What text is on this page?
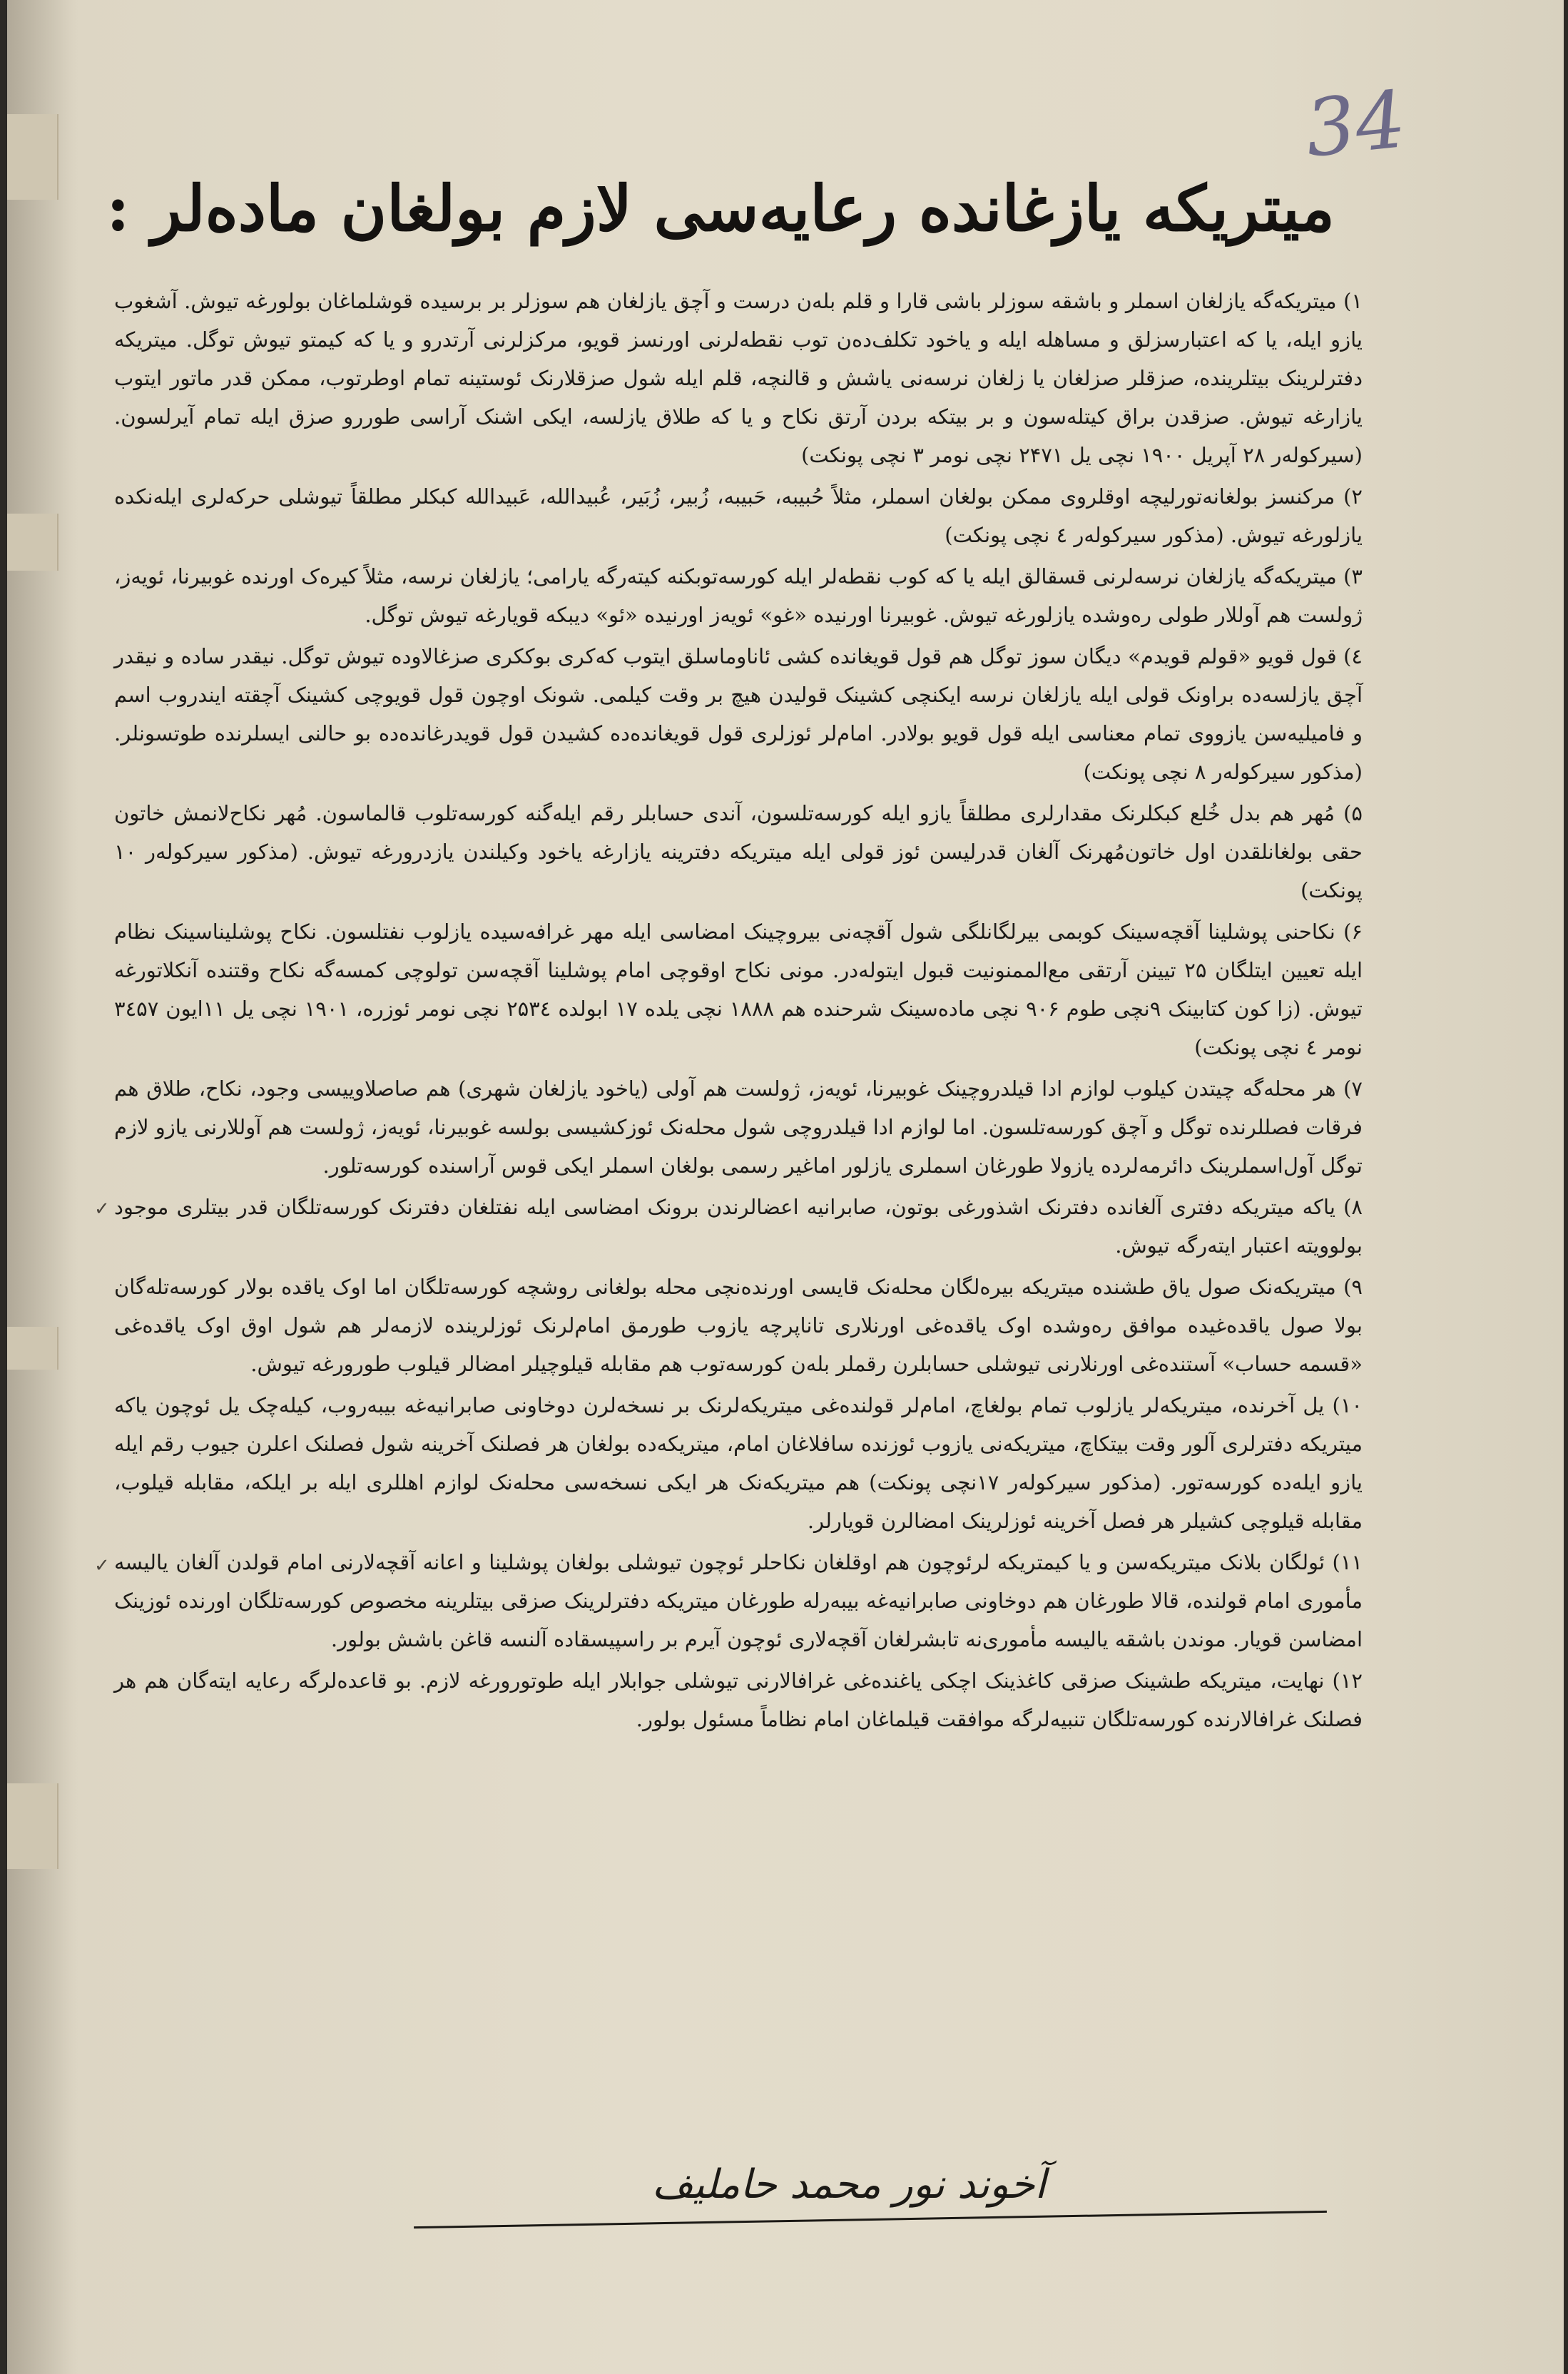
✓
✓
34
میتریکه یازغانده رعایه‌سی لازم بولغان ماده‌لر :

۱) میتریکه‌گه یازلغان اسملر و باشقه سوزلر باشی قارا و قلم بله‌ن درست و آچق یازلغان هم سوزلر بر برسیده قوشلماغان بولورغه تیوش. آشغوب یازو ایله، یا که اعتبارسزلق و مساهله ایله و یاخود تکلف‌ده‌ن توب نقطه‌لرنی اورنسز قویو، مرکزلرنی آرتدرو و یا که کیمتو تیوش توگل. میتریکه دفترلرینک بیتلرینده، صزقلر صزلغان یا زلغان نرسه‌نی یاشش و قالنچه، قلم ایله شول صزقلارنک ئوستینه تمام اوطرتوب، ممکن قدر ماتور ایتوب یازارغه تیوش. صزقدن براق کیتله‌سون و بر بیتکه بردن آرتق نکاح و یا که طلاق یازلسه، ایکی اشنک آراسی طوررو صزق ایله تمام آیرلسون. (سیرکوله‌ر ۲۸ آپریل ۱۹۰۰ نچی یل ۲۴۷۱ نچی نومر ۳ نچی پونکت)

۲) مرکنسز بولغانه‌تورلیچه اوقلروی ممکن بولغان اسملر، مثلاً حُبیبه، حَبیبه، زُبیر، زُبَیر، عُبیدالله، عَبیدالله کبکلر مطلقاً تیوشلی حرکه‌لری ایله‌نکده یازلورغه تیوش. (مذکور سیرکوله‌ر ٤ نچی پونکت)

۳) میتریکه‌گه یازلغان نرسه‌لرنی قسقالق ایله یا که کوب نقطه‌لر ایله کورسه‌توبکنه کیته‌رگه یارامی؛ یازلغان نرسه، مثلاً کیره‌ک اورنده غوبیرنا، ئویه‌ز، ژولست هم آوللار طولی ره‌وشده یازلورغه تیوش. غوبیرنا اورنیده «غو» ئویه‌ز اورنیده «ئو» دیبکه قویارغه تیوش توگل.

٤) قول قویو «قولم قویدم» دیگان سوز توگل هم قول قویغانده کشی ئاناوماسلق ایتوب که‌کری بوککری صزغالاوده تیوش توگل. نیقدر ساده و نیقدر آچق یازلسه‌ده براونک قولی ایله یازلغان نرسه ایکنچی کشینک قولیدن هیچ بر وقت کیلمی. شونک اوچون قول قویوچی کشینک آچقته ایندروب اسم و فامیلیه‌سن یازووی تمام معناسی ایله قول قویو بولادر. امام‌لر ئوزلری قول قویغانده‌ده کشیدن قول قویدرغانده‌ده بو حالنی ایسلرنده طوتسونلر. (مذکور سیرکوله‌ر ۸ نچی پونکت)

۵) مُهر هم بدل خُلع کبکلرنک مقدارلری مطلقاً یازو ایله کورسه‌تلسون، آندی حسابلر رقم ایله‌گنه کورسه‌تلوب قالماسون. مُهر نکاح‌لانمش خاتون حقی بولغانلقدن اول خاتون‌مُهرنک آلغان قدرلیسن ئوز قولی ایله میتریکه دفترینه یازارغه یاخود وکیلندن یازدرورغه تیوش. (مذکور سیرکوله‌ر ۱۰ پونکت)

۶) نکاحنی پوشلینا آقچه‌سینک کوبمی بیرلگانلگی شول آقچه‌نی بیروچینک امضاسی ایله مهر غرافه‌سیده یازلوب نفتلسون. نکاح پوشلیناسینک نظام ایله تعیین ایتلگان ۲۵ تیینن آرتقی مع‌الممنونیت قبول ایتوله‌در. مونی نکاح اوقوچی امام پوشلینا آقچه‌سن تولوچی کمسه‌گه نکاح وقتنده آنکلاتورغه تیوش. (زا کون کتابینک ۹نچی طوم ۹۰۶ نچی ماده‌سینک شرحنده هم ۱۸۸۸ نچی یلده ۱۷ ابولده ۲۵۳٤ نچی نومر ئوزره، ۱۹۰۱ نچی یل ۱۱ایون ۳٤۵۷ نومر ٤ نچی پونکت)

۷) هر محله‌گه چیتدن کیلوب لوازم ادا قیلدروچینک غوبیرنا، ئویه‌ز، ژولست هم آولی (یاخود یازلغان شهری) هم صاصلاوییسی وجود، نکاح، طلاق هم فرقات فصللرنده توگل و آچق کورسه‌تلسون. اما لوازم ادا قیلدروچی شول محله‌نک ئوزکشیسی بولسه غوبیرنا، ئویه‌ز، ژولست هم آوللارنی یازو لازم توگل آول‌اسملرینک دائرمه‌لرده یازولا طورغان اسملری یازلور اماغیر رسمی بولغان اسملر ایکی قوس آراسنده کورسه‌تلور.

۸) یاکه میتریکه دفتری آلغانده دفترنک اشذورغی بوتون، صابرانیه اعضالرندن برونک امضاسی ایله نفتلغان دفترنک کورسه‌تلگان قدر بیتلری موجود بولوویته اعتبار ایته‌رگه تیوش.

۹) میتریکه‌نک صول یاق طشنده میتریکه بیره‌لگان محله‌نک قایسی اورنده‌نچی محله بولغانی روشچه کورسه‌تلگان اما اوک یاقده بولار کورسه‌تله‌گان بولا صول یاقده‌غیده موافق ره‌وشده اوک یاقده‌غی اورنلاری تاناپرچه یازوب طورمق امام‌لرنک ئوزلرینده لازمه‌لر هم شول اوق اوک یاقده‌غی «قسمه حساب» آستنده‌غی اورنلارنی تیوشلی حسابلرن رقملر بله‌ن کورسه‌توب هم مقابله قیلوچیلر امضالر قیلوب طورورغه تیوش.

۱۰) یل آخرنده، میتریکه‌لر یازلوب تمام بولغاچ، امام‌لر قولنده‌غی میتریکه‌لرنک بر نسخه‌لرن دوخاونی صابرانیه‌غه بیبه‌روب، کیله‌چک یل ئوچون یاکه میتریکه دفترلری آلور وقت بیتکاچ، میتریکه‌نی یازوب ئوزنده سافلاغان امام، میتریکه‌ده بولغان هر فصلنک آخرینه شول فصلنک اعلرن جیوب رقم ایله یازو ایله‌ده کورسه‌تور. (مذکور سیرکوله‌ر ۱۷نچی پونکت) هم میتریکه‌نک هر ایکی نسخه‌سی محله‌نک لوازم اهللری ایله بر ایلکه، مقابله قیلوب، مقابله قیلوچی کشیلر هر فصل آخرینه ئوزلرینک امضالرن قویارلر.

۱۱) ئولگان بلانک میتریکه‌سن و یا کیمتریکه لرئوچون هم اوقلغان نکاحلر ئوچون تیوشلی بولغان پوشلینا و اعانه آقچه‌لارنی امام قولدن آلغان یالیسه مأموری امام قولنده، قالا طورغان هم دوخاونی صابرانیه‌غه بیبه‌رله طورغان میتریکه دفترلرینک صزقی بیتلرینه مخصوص کورسه‌تلگان اورنده ئوزینک امضاسن قویار. موندن باشقه یالیسه مأموری‌نه تابشرلغان آقچه‌لاری ئوچون آیرم بر راسپیسقاده آلنسه قاغن باشش بولور.

۱۲) نهایت، میتریکه طشینک صزقی کاغذینک اچکی یاغنده‌غی غرافالارنی تیوشلی جوابلار ایله طوتورورغه لازم. بو قاعده‌لرگه رعایه ایته‌گان هم هر فصلنک غرافالارنده کورسه‌تلگان تنبیه‌لرگه موافقت قیلماغان امام نظاماً مسئول بولور.

آخوند نور محمد حاملیف
